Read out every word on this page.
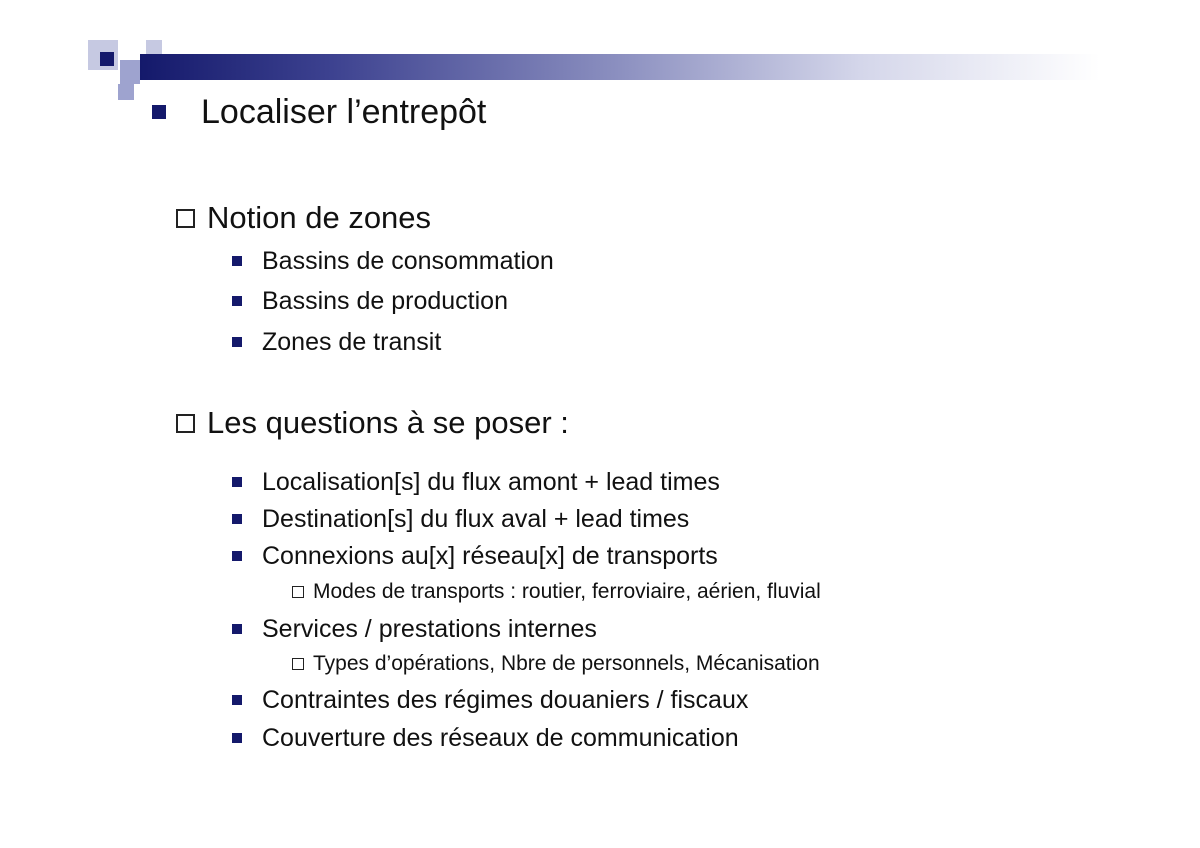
Localiser l’entrepôt
Notion de zones
Bassins de consommation
Bassins de production
Zones de transit
Les questions à se poser :
Localisation[s] du flux amont + lead times
Destination[s] du flux aval + lead times
Connexions au[x] réseau[x] de transports
Modes de transports : routier, ferroviaire, aérien, fluvial
Services / prestations internes
Types d’opérations, Nbre de personnels, Mécanisation
Contraintes des régimes douaniers / fiscaux
Couverture des réseaux de communication
